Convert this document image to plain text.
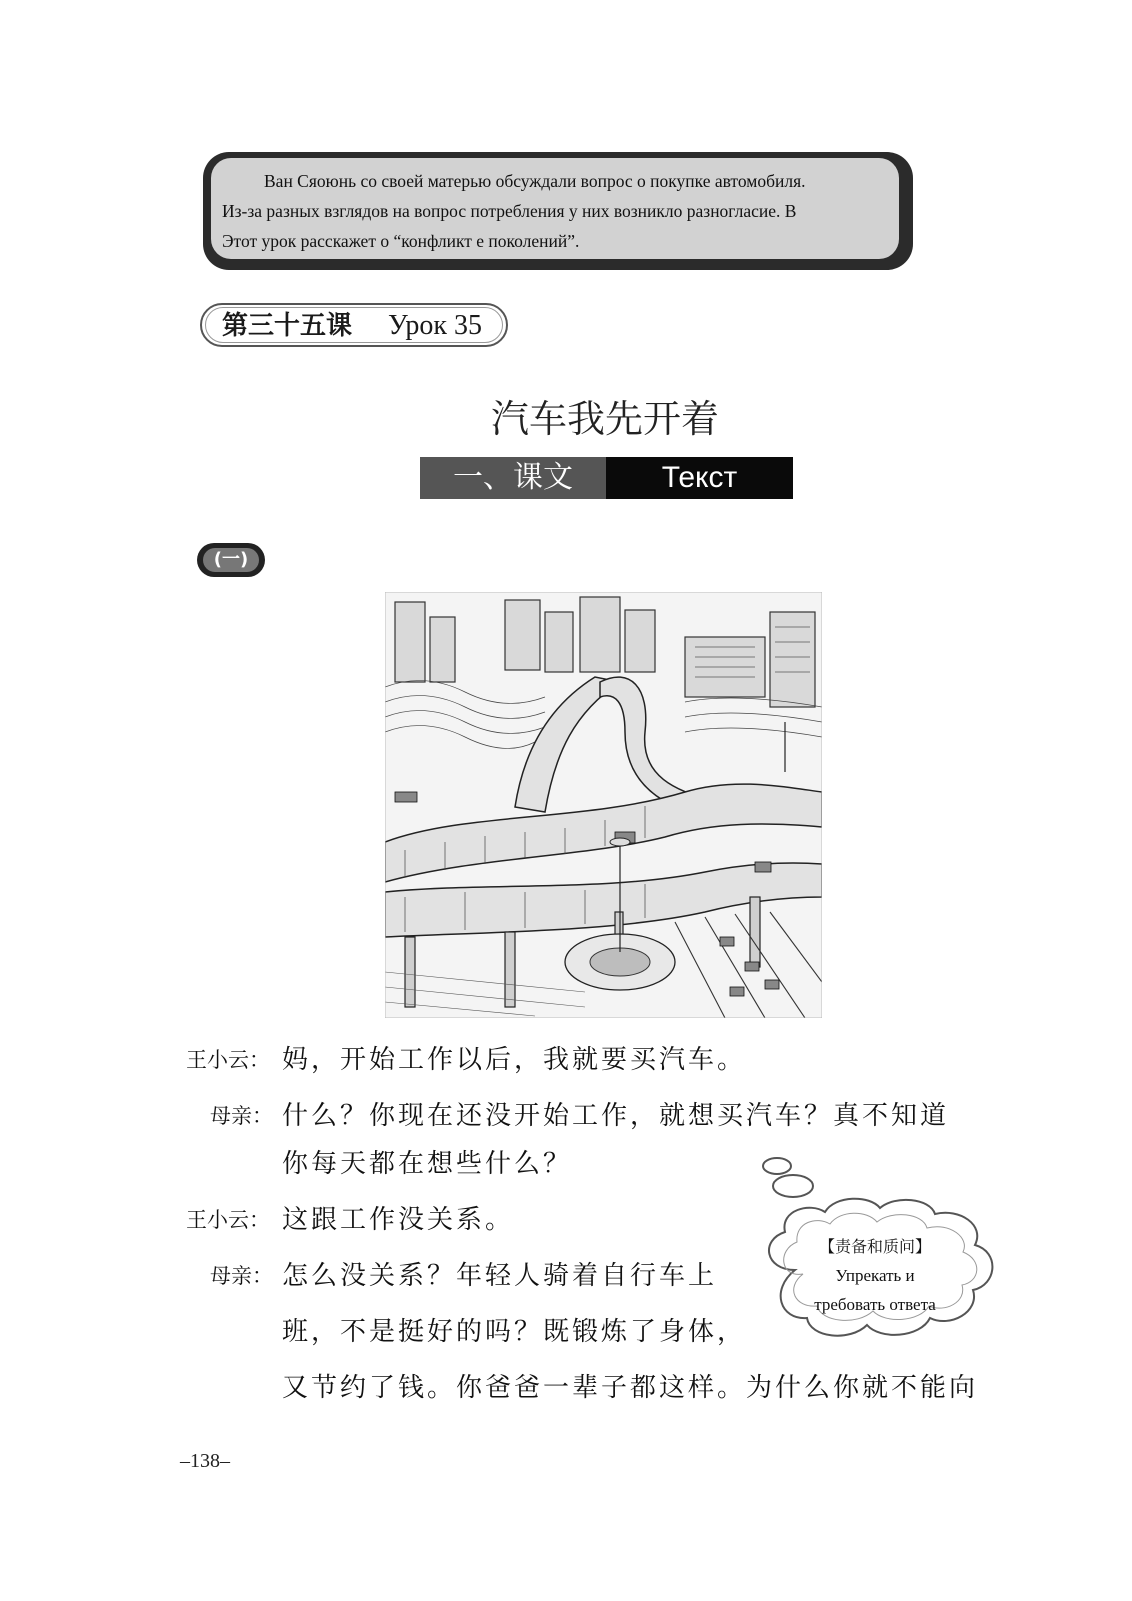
Ван Сяоюнь со своей матерью обсуждали вопрос о покупке автомобиля.

Из-за разных взглядов на вопрос потребления у них возникло разногласие. В
Этот урок расскажет о “конфликт е поколений”.
第三十五课 Урок 35
汽车我先开着
一、课文	Текст
(一)
王小云： 妈，开始工作以后，我就要买汽车。
母亲： 什么？你现在还没开始工作，就想买汽车？真不知道
你每天都在想些什么？
王小云： 这跟工作没关系。
母亲： 怎么没关系？年轻人骑着自行车上
班，不是挺好的吗？既锻炼了身体，
又节约了钱。你爸爸一辈子都这样。为什么你就不能向
【责备和质问】
Упрекать и
требовать ответа
–138–
